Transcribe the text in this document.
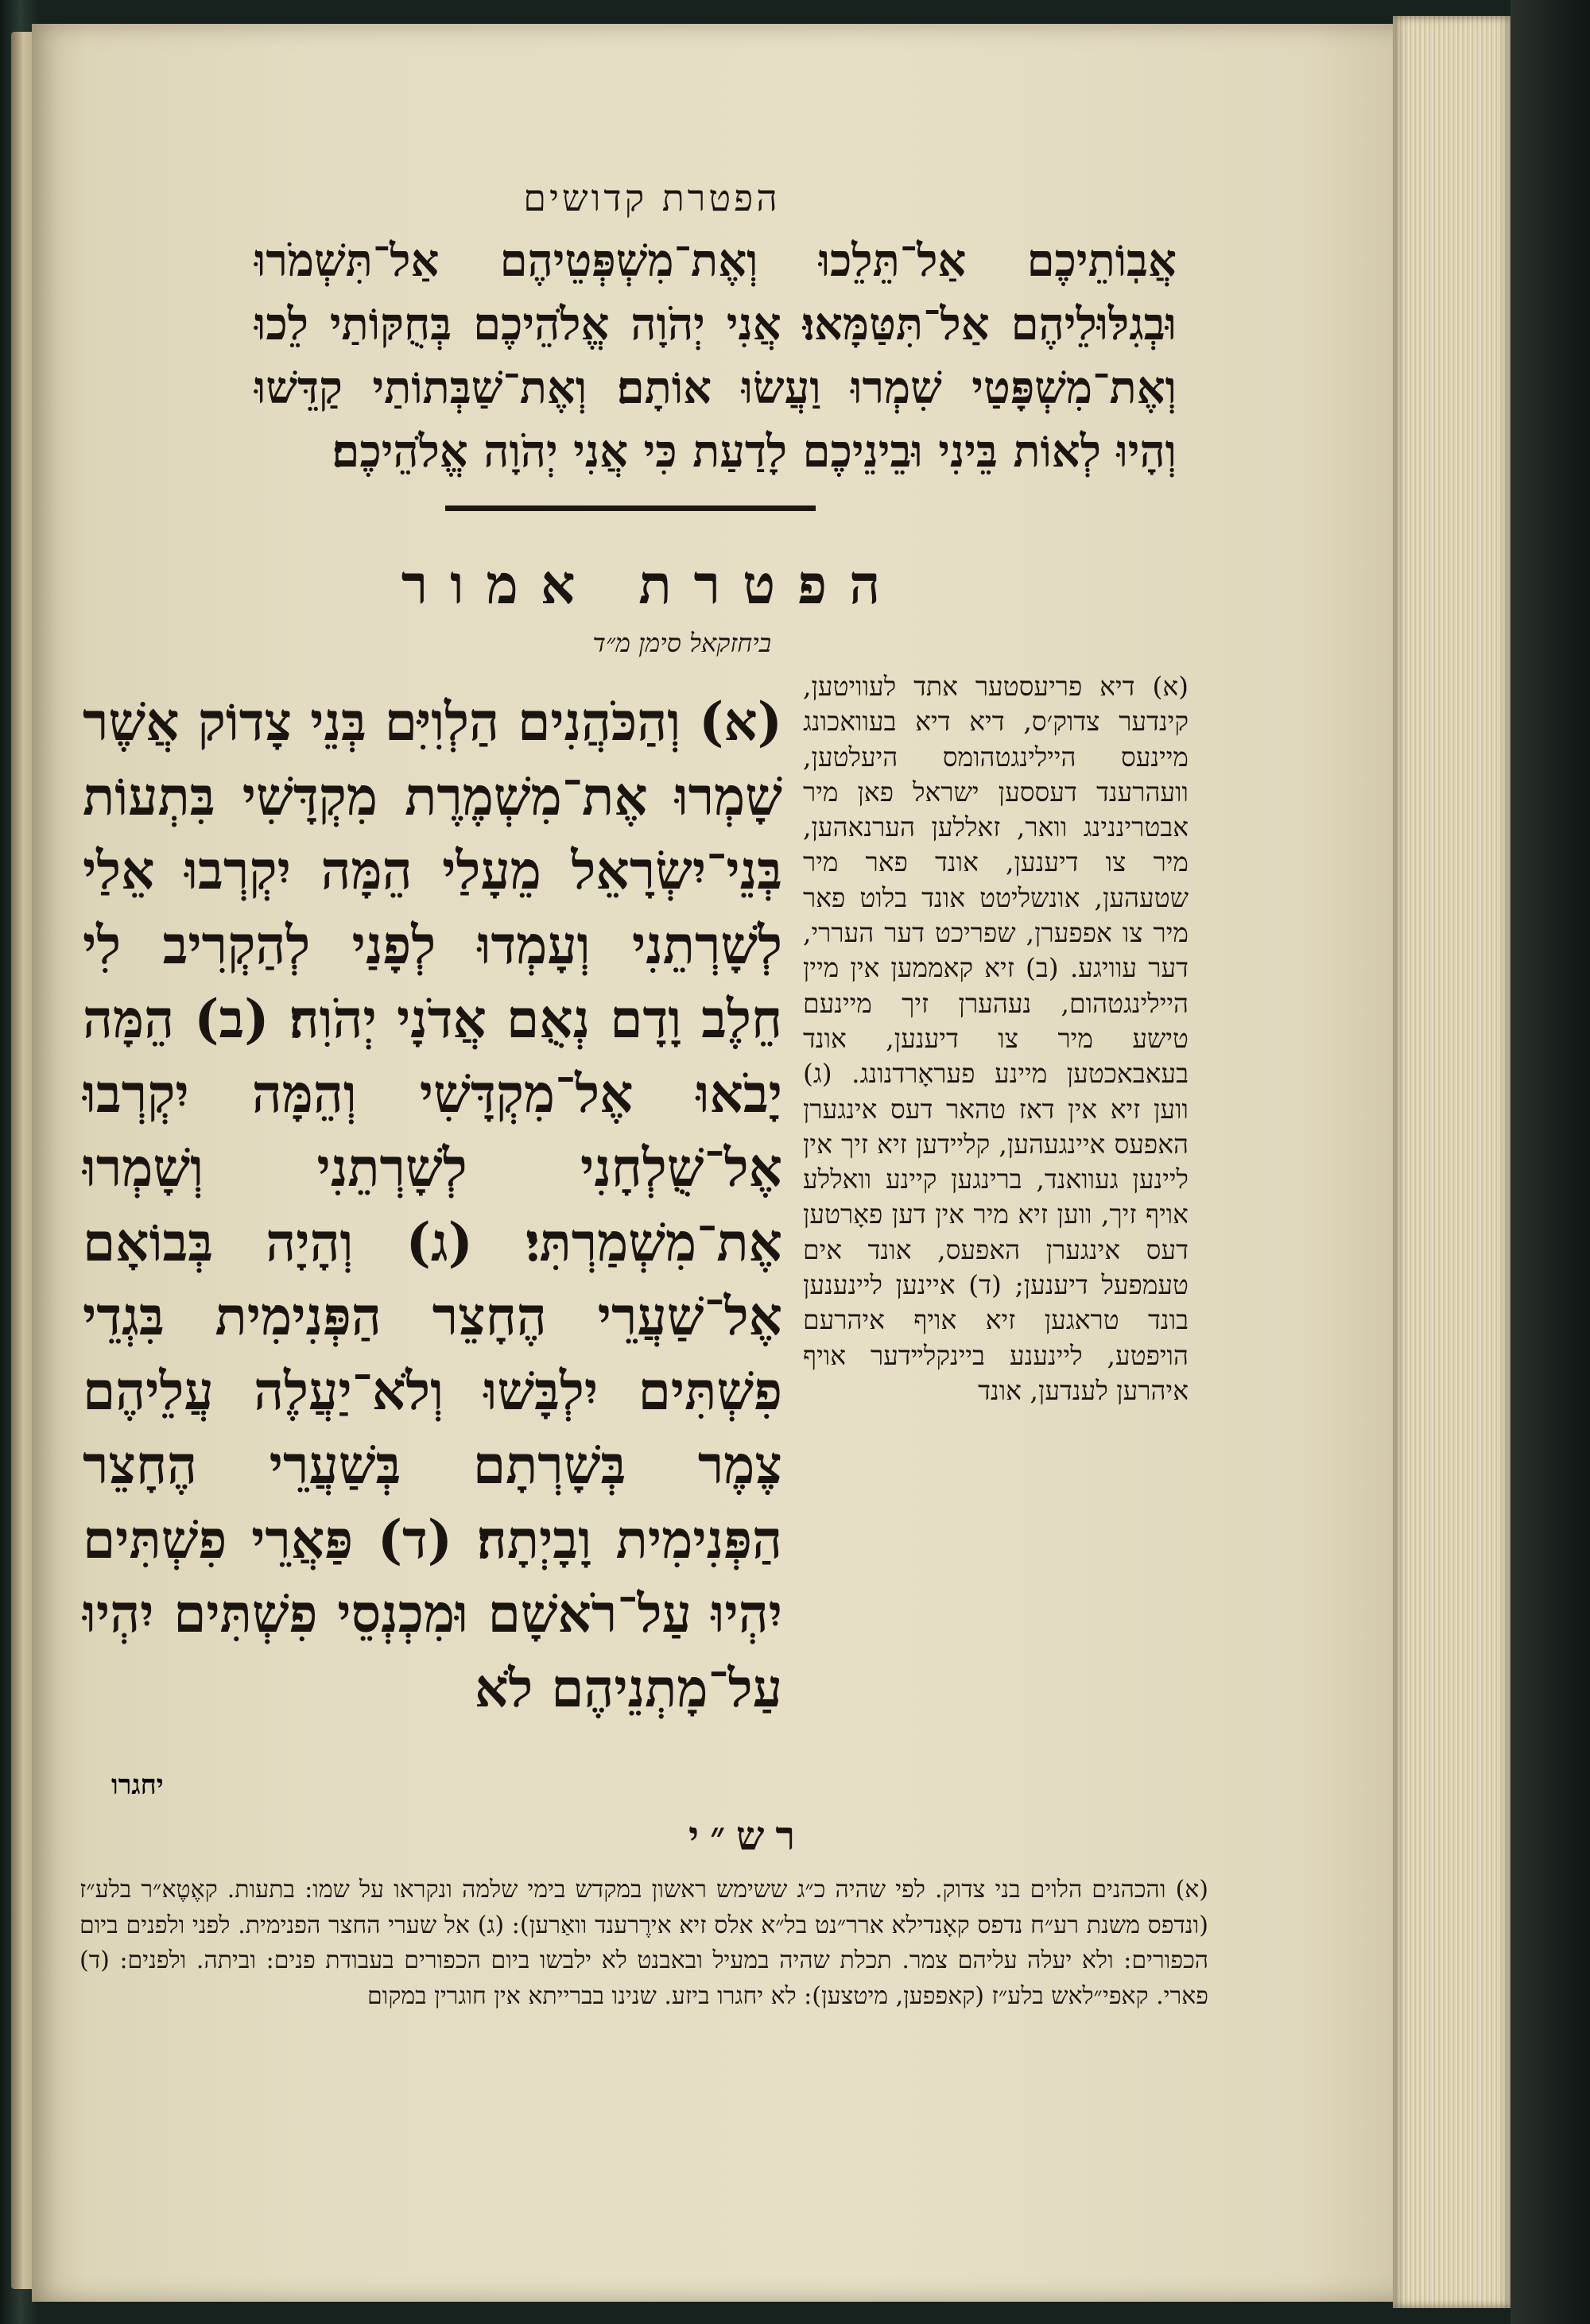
הפטרת קדושים
אֲבֽוֹתֵיכֶם אַל־תֵּלֵכוּ וְאֶת־מִשְׁפְּטֵיהֶם אַל־תִּשְׁמֹרוּ וּבְגִלּוּלֵיהֶם אַל־תִּטַּמָּאוּ׃ אֲנִי יְהֹוָה אֱלֹהֵיכֶם בְּחֻקּוֹתַי לֵכוּ וְאֶת־מִשְׁפָּטַי שִׁמְרוּ וַעֲשׂוּ אוֹתָם׃ וְאֶת־שַׁבְּתוֹתַי קַדֵּשׁוּ וְהָיוּ לְאוֹת בֵּינִי וּבֵינֵיכֶם לָדַעַת כִּי אֲנִי יְהֹוָה אֱלֹהֵיכֶם׃
הפטרת אמור
ביחזקאל סימן מ״ד
(א) וְהַכֹּהֲנִים הַלְוִיִּם בְּנֵי צָדוֹק אֲשֶׁר שָׁמְרוּ אֶת־מִשְׁמֶרֶת מִקְדָּשִׁי בִּתְעוֹת בְּנֵי־יִשְׂרָאֵל מֵעָלַי הֵמָּה יִקְרְבוּ אֵלַי לְשָׁרְתֵנִי וְעָמְדוּ לְפָנַי לְהַקְרִיב לִי חֵלֶב וָדָם נְאֻם אֲדֹנָי יְהֹוִה׃ (ב) הֵמָּה יָבֹאוּ אֶל־מִקְדָּשִׁי וְהֵמָּה יִקְרְבוּ אֶל־שֻׁלְחָנִי לְשָׁרְתֵנִי וְשָׁמְרוּ אֶת־מִשְׁמַרְתִּי׃ (ג) וְהָיָה בְּבוֹאָם אֶל־שַׁעֲרֵי הֶחָצֵר הַפְּנִימִית בִּגְדֵי פִשְׁתִּים יִלְבָּשׁוּ וְלֹא־יַעֲלֶה עֲלֵיהֶם צֶמֶר בְּשָׁרְתָם בְּשַׁעֲרֵי הֶחָצֵר הַפְּנִימִית וָבָיְתָה׃ (ד) פַּאֲרֵי פִשְׁתִּים יִהְיוּ עַל־רֹאשָׁם וּמִכְנְסֵי פִשְׁתִּים יִהְיוּ עַל־מָתְנֵיהֶם לֹא
יחגרו
(א) דיא פריעסטער אתד לעוויטען, קינדער צדוק׳ס, דיא דיא בעוואכונג מיינעס היילינגטהומס היעלטען, וועהרענד דעססען ישראל פאן מיר אבטריננינג וואר, זאללען הערנאהען, מיר צו דיענען, אונד פאר מיר שטעהען, אונשליטט אונד בלוט פאר מיר צו אפפערן, שפריכט דער העררי, דער עוויגע. (ב) זיא קאממען אין מיין היילינגטהום, נעהערן זיך מיינעם טישע מיר צו דיענען, אונד בעאבאכטען מיינע פעראָרדנונג. (ג) ווען זיא אין דאז טהאר דעס אינגערן האפעס איינגעהען, קליידען זיא זיך אין ליינען געוואנד, ברינגען קיינע וואללע אויף זיך, ווען זיא מיר אין דען פאָרטען דעס אינגערן האפעס, אונד אים טעמפעל דיענען; (ד) איינען ליינענען בונד טראגען זיא אויף איהרעם הויפטע, ליינענע ביינקלײדער אויף איהרען לענדען, אונד
רש״י
(א) והכהנים הלוים בני צדוק. לפי שהיה כ״ג ששימש ראשון במקדש בימי שלמה ונקראו על שמו: בתעות. קאֶטֶא״ר בלע״ז (ונדפס משנת רע״ח נדפס קאָנדילא ארר״נט בל״א אלס זיא אירֶרענד וואַרען): (ג) אל שערי החצר הפנימית. לפני ולפנים ביום הכפורים: ולא יעלה עליהם צמר. תכלת שהיה במעיל ובאבנט לא ילבשו ביום הכפורים בעבודת פנים: וביתה. ולפנים: (ד) פארי. קאפי״לאש בלע״ז (קאפפען, מיטצען): לא יחגרו ביזע. שנינו בברייתא אין חוגרין במקום
